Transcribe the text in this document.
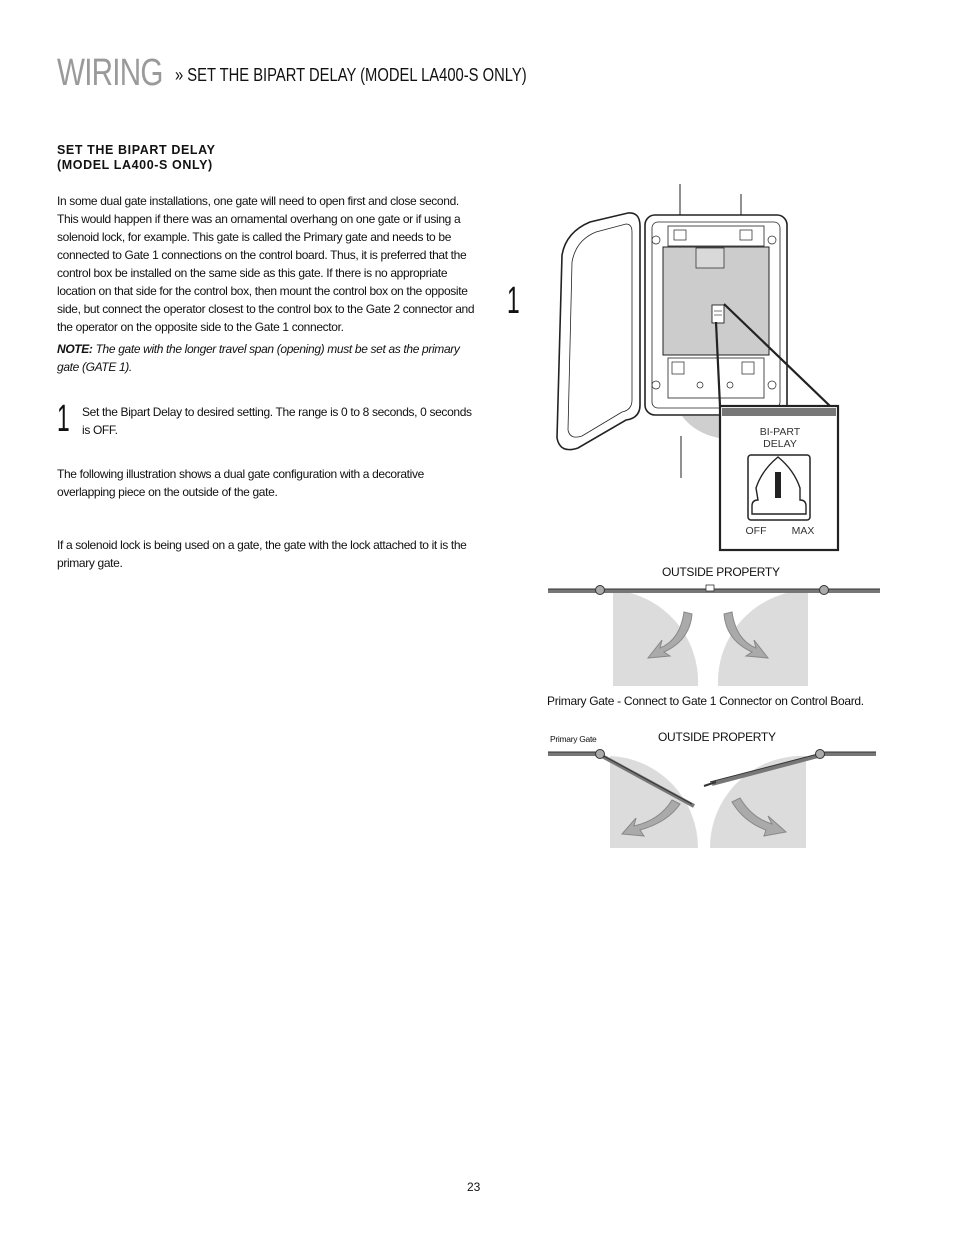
WIRING » SET THE BIPART DELAY (MODEL LA400-S ONLY)
SET THE BIPART DELAY
(MODEL LA400-S ONLY)
In some dual gate installations, one gate will need to open first and close second. This would happen if there was an ornamental overhang on one gate or if using a solenoid lock, for example. This gate is called the Primary gate and needs to be connected to Gate 1 connections on the control board. Thus, it is preferred that the control box be installed on the same side as this gate. If there is no appropriate location on that side for the control box, then mount the control box on the opposite side, but connect the operator closest to the control box to the Gate 2 connector and the operator on the opposite side to the Gate 1 connector.
NOTE: The gate with the longer travel span (opening) must be set as the primary gate (GATE 1).
1 Set the Bipart Delay to desired setting. The range is 0 to 8 seconds, 0 seconds is OFF.
The following illustration shows a dual gate configuration with a decorative overlapping piece on the outside of the gate.
If a solenoid lock is being used on a gate, the gate with the lock attached to it is the primary gate.
1
BI-PART
DELAY
OFF MAX
OUTSIDE PROPERTY
Primary Gate - Connect to Gate 1 Connector on Control Board.
Primary Gate	OUTSIDE PROPERTY
23
